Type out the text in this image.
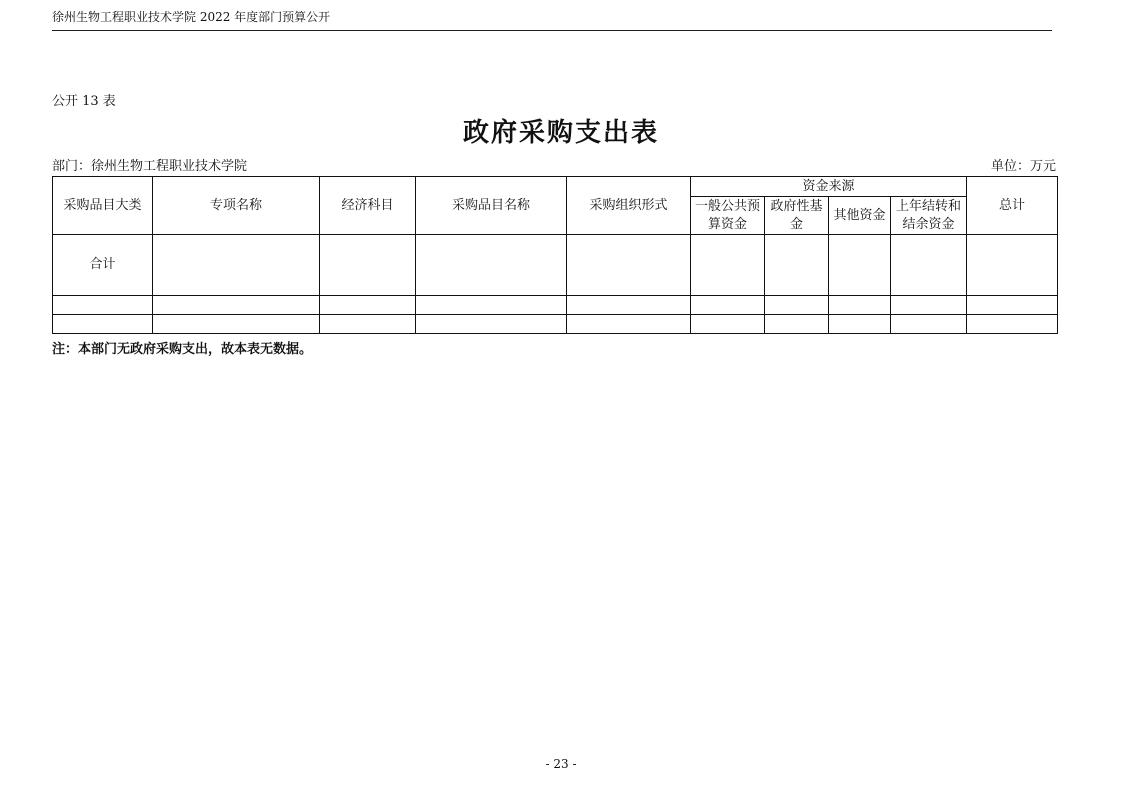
徐州生物工程职业技术学院 2022 年度部门预算公开
公开 13 表
政府采购支出表
部门：徐州生物工程职业技术学院	单位：万元
采购品目大类	专项名称	经济科目	采购品目名称	采购组织形式	资金来源				总计
					一般公共预算资金	政府性基金	其他资金	上年结转和结余资金	
合计									

注：本部门无政府采购支出，故本表无数据。
- 23 -
